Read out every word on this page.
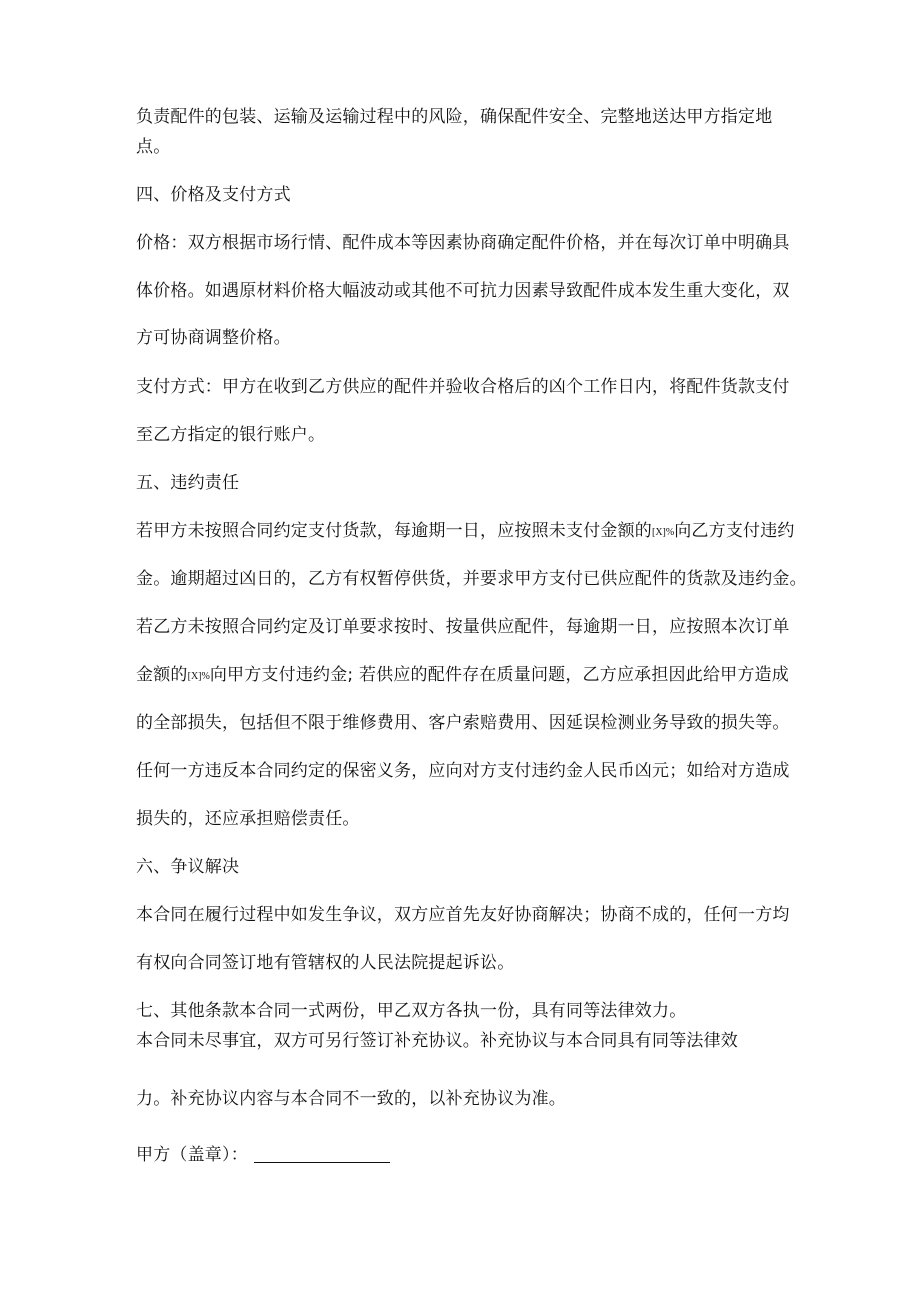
负责配件的包装、运输及运输过程中的风险，确保配件安全、完整地送达甲方指定地
点。
四、价格及支付方式
价格：双方根据市场行情、配件成本等因素协商确定配件价格，并在每次订单中明确具
体价格。如遇原材料价格大幅波动或其他不可抗力因素导致配件成本发生重大变化，双
方可协商调整价格。
支付方式：甲方在收到乙方供应的配件并验收合格后的凶个工作日内，将配件货款支付
至乙方指定的银行账户。
五、违约责任
若甲方未按照合同约定支付货款，每逾期一日，应按照未支付金额的[X]%向乙方支付违约
金。逾期超过凶日的，乙方有权暂停供货，并要求甲方支付已供应配件的货款及违约金。
若乙方未按照合同约定及订单要求按时、按量供应配件，每逾期一日，应按照本次订单
金额的[X]%向甲方支付违约金; 若供应的配件存在质量问题，乙方应承担因此给甲方造成
的全部损失，包括但不限于维修费用、客户索赔费用、因延误检测业务导致的损失等。
任何一方违反本合同约定的保密义务，应向对方支付违约金人民币凶元；如给对方造成
损失的，还应承担赔偿责任。
六、争议解决
本合同在履行过程中如发生争议，双方应首先友好协商解决；协商不成的，任何一方均
有权向合同签订地有管辖权的人民法院提起诉讼。
七、其他条款本合同一式两份，甲乙双方各执一份，具有同等法律效力。
本合同未尽事宜，双方可另行签订补充协议。补充协议与本合同具有同等法律效
力。补充协议内容与本合同不一致的，以补充协议为准。
甲方（盖章）：
